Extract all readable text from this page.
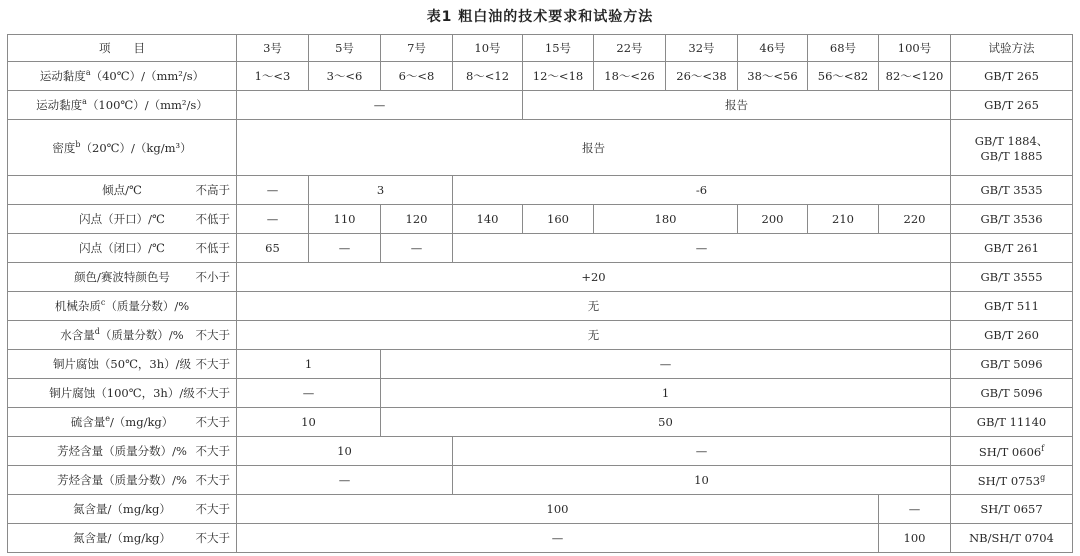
表1 粗白油的技术要求和试验方法
项　　目	3号	5号	7号	10号	15号	22号	32号	46号	68号	100号	试验方法
运动黏度$^a$（40℃）/（mm²/s）	1～<3	3～<6	6～<8	8～<12	12～<18	18～<26	26～<38	38～<56	56～<82	82～<120	GB/T 265
运动黏度$^a$（100℃）/（mm²/s）	—				报告						GB/T 265
密度$^b$（20℃）/（kg/m³）	报告										GB/T 1884、
GB/T 1885

倾点/℃ 不高于	—	3		-6							GB/T 3535
闪点（开口）/℃ 不低于	—	110	120	140	160	180		200	210	220	GB/T 3536
闪点（闭口）/℃ 不低于	65	—	—	—							GB/T 261
颜色/赛波特颜色号 不小于	+20										GB/T 3555
机械杂质$^c$（质量分数）/%	无										GB/T 511
水含量$^d$（质量分数）/% 不大于	无										GB/T 260
铜片腐蚀（50℃，3h）/级 不大于	1		—								GB/T 5096
铜片腐蚀（100℃，3h）/级 不大于	—		1								GB/T 5096
硫含量$^e$/（mg/kg） 不大于	10		50								GB/T 11140
芳烃含量（质量分数）/% 不大于	10			—							SH/T 0606$^f$
芳烃含量（质量分数）/% 不大于	—			10							SH/T 0753$^g$
氮含量/（mg/kg） 不大于	100									—	SH/T 0657
氮含量/（mg/kg） 不大于	—									100	NB/SH/T 0704
